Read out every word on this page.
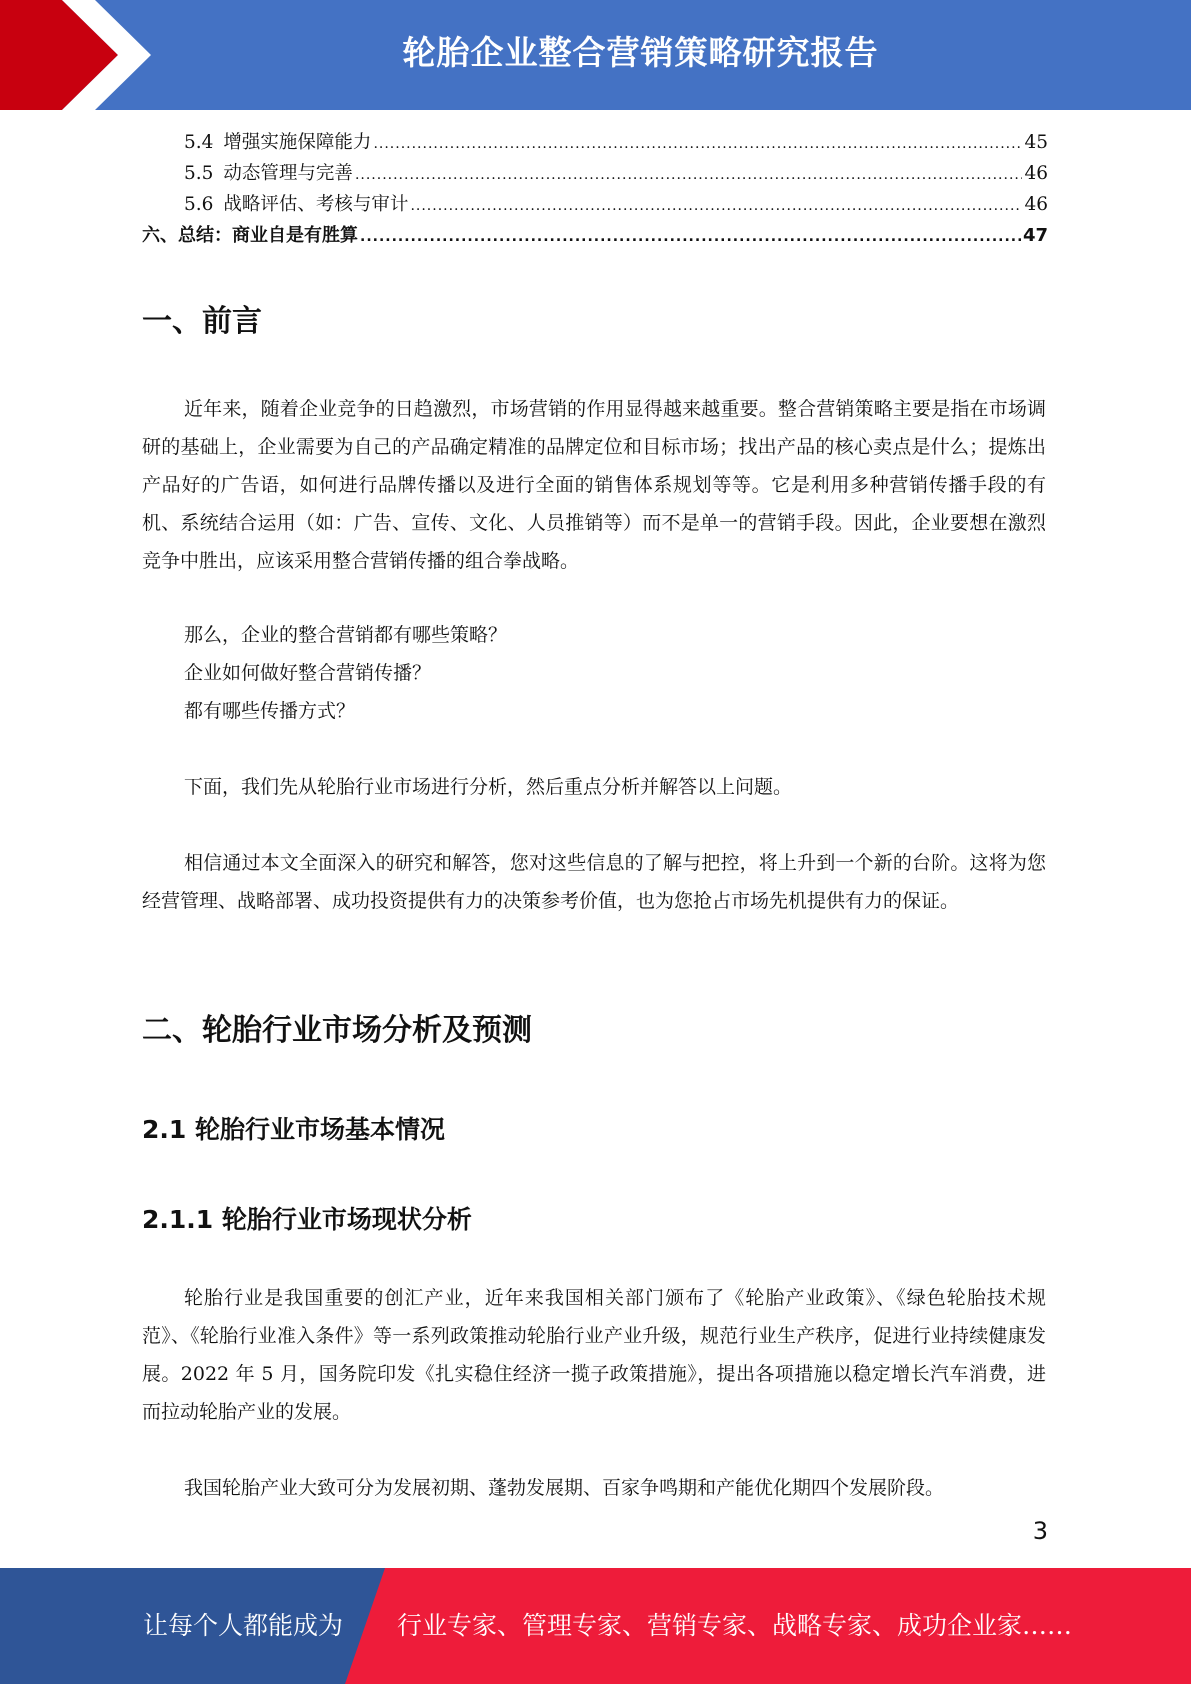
轮胎企业整合营销策略研究报告
5.4 增强实施保障能力 .....	45
5.5 动态管理与完善 .....	46
5.6 战略评估、考核与审计 .....	46
六、总结：商业自是有胜算 .....	47
一、前言

近年来，随着企业竞争的日趋激烈，市场营销的作用显得越来越重要。整合营销策略主要是指在市场调研的基础上，企业需要为自己的产品确定精准的品牌定位和目标市场；找出产品的核心卖点是什么；提炼出产品好的广告语，如何进行品牌传播以及进行全面的销售体系规划等等。它是利用多种营销传播手段的有机、系统结合运用（如：广告、宣传、文化、人员推销等）而不是单一的营销手段。因此，企业要想在激烈竞争中胜出，应该采用整合营销传播的组合拳战略。

那么，企业的整合营销都有哪些策略？
企业如何做好整合营销传播？
都有哪些传播方式？

下面，我们先从轮胎行业市场进行分析，然后重点分析并解答以上问题。

相信通过本文全面深入的研究和解答，您对这些信息的了解与把控，将上升到一个新的台阶。这将为您经营管理、战略部署、成功投资提供有力的决策参考价值，也为您抢占市场先机提供有力的保证。

二、轮胎行业市场分析及预测
2.1 轮胎行业市场基本情况
2.1.1 轮胎行业市场现状分析

轮胎行业是我国重要的创汇产业，近年来我国相关部门颁布了《轮胎产业政策》、《绿色轮胎技术规范》、《轮胎行业准入条件》等一系列政策推动轮胎行业产业升级，规范行业生产秩序，促进行业持续健康发展。2022 年 5 月，国务院印发《扎实稳住经济一揽子政策措施》，提出各项措施以稳定增长汽车消费，进而拉动轮胎产业的发展。

我国轮胎产业大致可分为发展初期、蓬勃发展期、百家争鸣期和产能优化期四个发展阶段。

3
让每个人都能成为 行业专家、管理专家、营销专家、战略专家、成功企业家……
